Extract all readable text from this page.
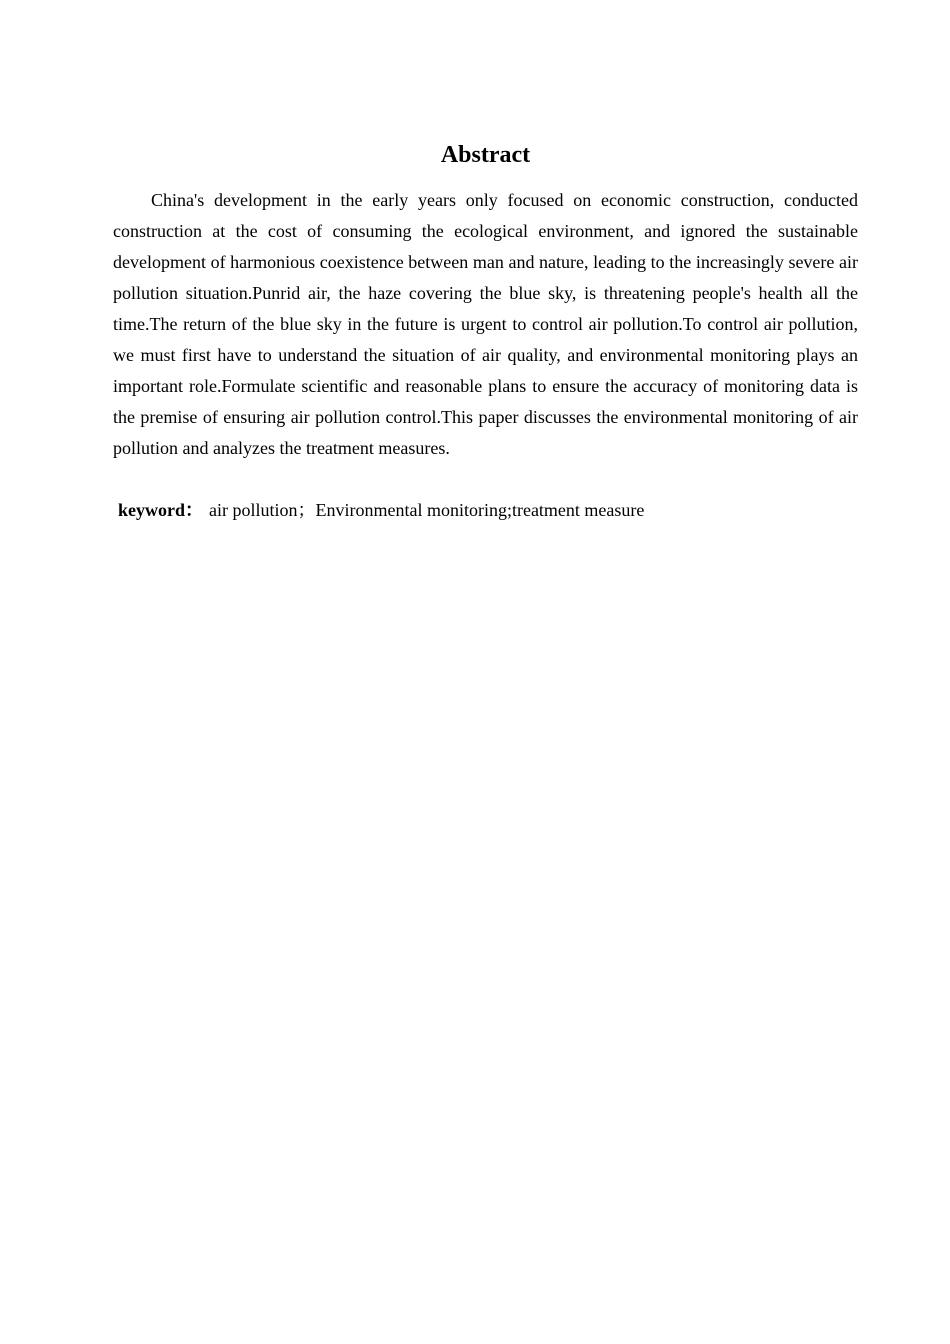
Abstract

China's development in the early years only focused on economic construction, conducted construction at the cost of consuming the ecological environment, and ignored the sustainable development of harmonious coexistence between man and nature, leading to the increasingly severe air pollution situation.Punrid air, the haze covering the blue sky, is threatening people's health all the time.The return of the blue sky in the future is urgent to control air pollution.To control air pollution, we must first have to understand the situation of air quality, and environmental monitoring plays an important role.Formulate scientific and reasonable plans to ensure the accuracy of monitoring data is the premise of ensuring air pollution control.This paper discusses the environmental monitoring of air pollution and analyzes the treatment measures.

keyword： air pollution；Environmental monitoring;treatment measure
